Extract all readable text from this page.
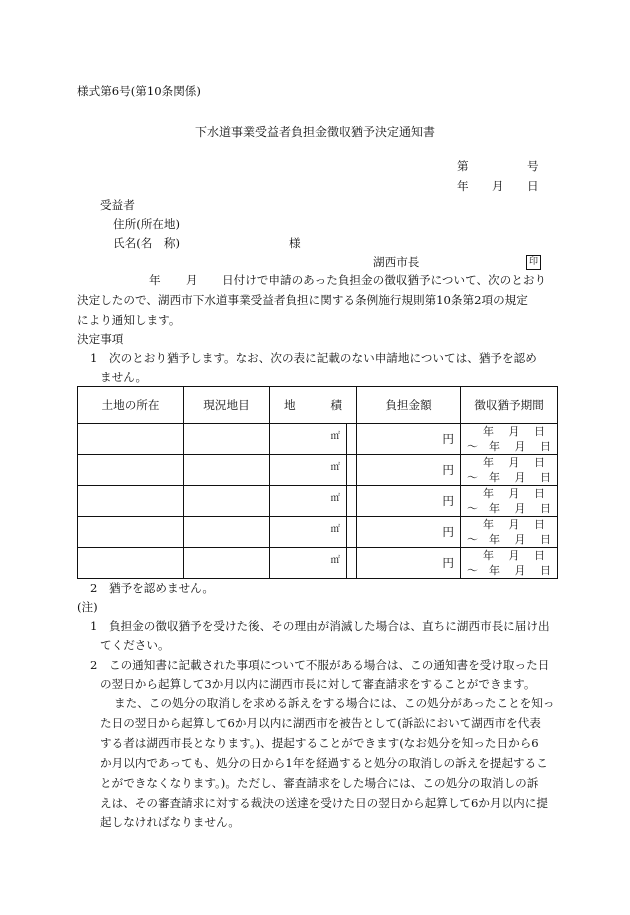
様式第6号(第10条関係)
下水道事業受益者負担金徴収猶予決定通知書
第	号
年 月 日
受益者
住所(所在地)
氏名(名　称)	様
湖西市長	印
年 月 日付けで申請のあった負担金の徴収猶予について、次のとおり
決定したので、湖西市下水道事業受益者負担に関する条例施行規則第10条第2項の規定
により通知します。
決定事項
1　次のとおり猶予します。なお、次の表に記載のない申請地については、猶予を認め
ません。
土地の所在	現況地目	地　　　積		負担金額	徴収猶予期間

		㎡		円	年　 月　 日
～　年　 月　 日

		㎡		円	年　 月　 日
～　年　 月　 日

		㎡		円	年　 月　 日
～　年　 月　 日

		㎡		円	年　 月　 日
～　年　 月　 日

		㎡		円	年　 月　 日
～　年　 月　 日
2　猶予を認めません。
(注)
1　負担金の徴収猶予を受けた後、その理由が消滅した場合は、直ちに湖西市長に届け出
てください。
2　この通知書に記載された事項について不服がある場合は、この通知書を受け取った日
の翌日から起算して3か月以内に湖西市長に対して審査請求をすることができます。
また、この処分の取消しを求める訴えをする場合には、この処分があったことを知っ
た日の翌日から起算して6か月以内に湖西市を被告として(訴訟において湖西市を代表
する者は湖西市長となります。)、提起することができます(なお処分を知った日から6
か月以内であっても、処分の日から1年を経過すると処分の取消しの訴えを提起するこ
とができなくなります。)。ただし、審査請求をした場合には、この処分の取消しの訴
えは、その審査請求に対する裁決の送達を受けた日の翌日から起算して6か月以内に提
起しなければなりません。
